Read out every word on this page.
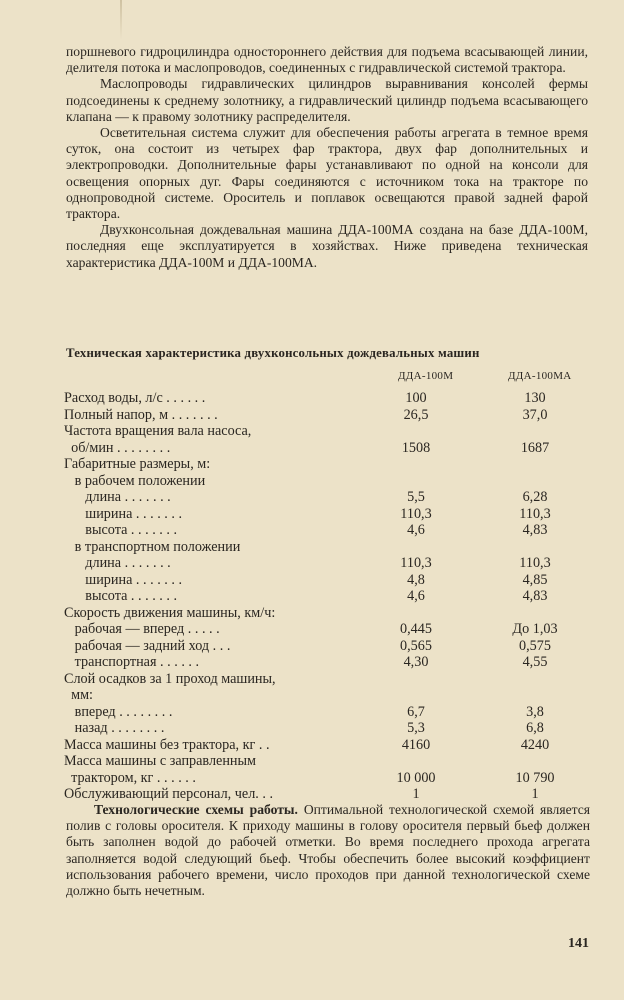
поршневого гидроцилиндра одностороннего действия для подъема всасывающей линии, делителя потока и маслопроводов, соединенных с гидравлической системой трактора.

Маслопроводы гидравлических цилиндров выравнивания консолей фермы подсоединены к среднему золотнику, а гидравлический цилиндр подъема всасывающего клапана — к правому золотнику распределителя.

Осветительная система служит для обеспечения работы агрегата в темное время суток, она состоит из четырех фар трактора, двух фар дополнительных и электропроводки. Дополнительные фары устанавливают по одной на консоли для освещения опорных дуг. Фары соединяются с источником тока на тракторе по однопроводной системе. Ороситель и поплавок освещаются правой задней фарой трактора.

Двухконсольная дождевальная машина ДДА-100МА создана на базе ДДА-100М, последняя еще эксплуатируется в хозяйствах. Ниже приведена техническая характеристика ДДА-100М и ДДА-100МА.

Техническая характеристика двухконсольных дождевальных машин
ДДА-100М	ДДА-100МА
Расход воды, л/с . . . . . .	100	130
Полный напор, м . . . . . . .	26,5	37,0
Частота вращения вала насоса,
об/мин . . . . . . . .	1508	1687
Габаритные размеры, м:
в рабочем положении
длина . . . . . . .	5,5	6,28
ширина . . . . . . .	110,3	110,3
высота . . . . . . .	4,6	4,83
в транспортном положении
длина . . . . . . .	110,3	110,3
ширина . . . . . . .	4,8	4,85
высота . . . . . . .	4,6	4,83
Скорость движения машины, км/ч:
рабочая — вперед . . . . .	0,445	До 1,03
рабочая — задний ход . . .	0,565	0,575
транспортная . . . . . .	4,30	4,55
Слой осадков за 1 проход машины,
мм:
вперед . . . . . . . .	6,7	3,8
назад . . . . . . . .	5,3	6,8
Масса машины без трактора, кг . .	4160	4240
Масса машины с заправленным
трактором, кг . . . . . .	10 000	10 790
Обслуживающий персонал, чел. . .	1	1

Технологические схемы работы. Оптимальной технологической схемой является полив с головы оросителя. К приходу машины в голову оросителя первый бьеф должен быть заполнен водой до рабочей отметки. Во время последнего прохода агрегата заполняется водой следующий бьеф. Чтобы обеспечить более высокий коэффициент использования рабочего времени, число проходов при данной технологической схеме должно быть нечетным.

141
